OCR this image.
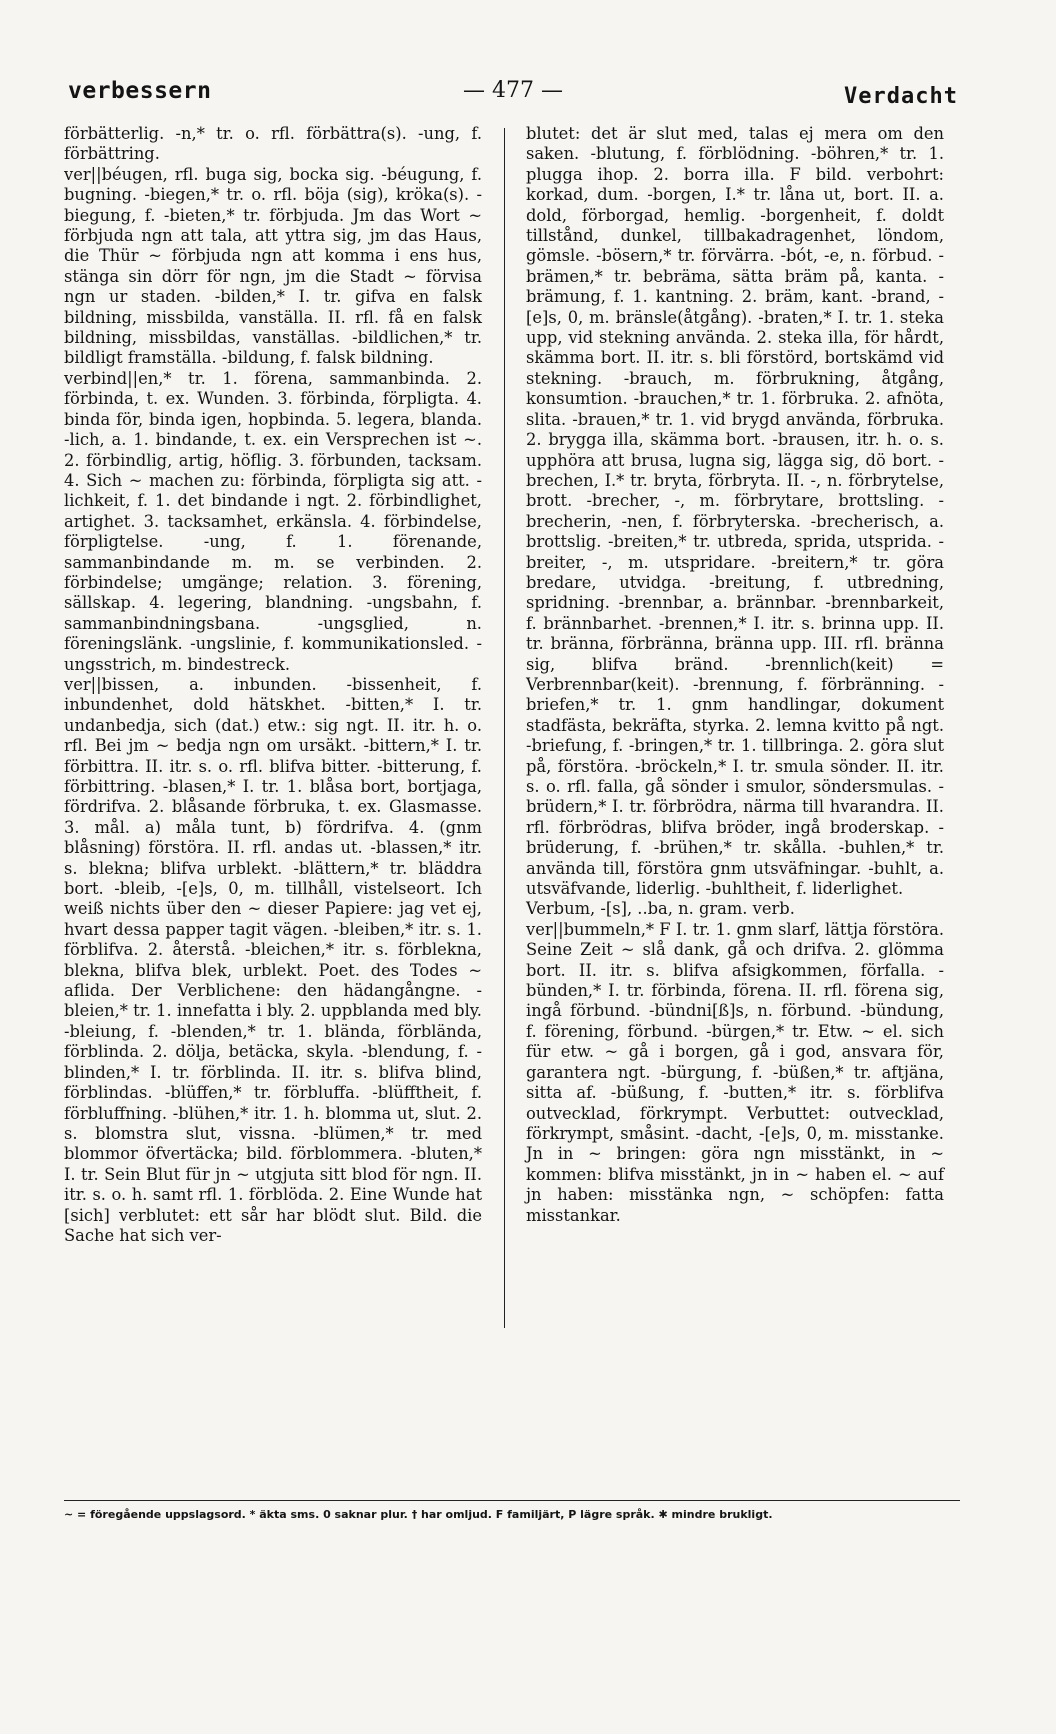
verbessern	— 477 —	Verdacht

förbätterlig. -n,* tr. o. rfl. förbättra(s). -ung, f. förbättring.

ver||béugen, rfl. buga sig, bocka sig. -béugung, f. bugning. -biegen,* tr. o. rfl. böja (sig), kröka(s). -biegung, f. -bieten,* tr. förbjuda. Jm das Wort ~ förbjuda ngn att tala, att yttra sig, jm das Haus, die Thür ~ förbjuda ngn att komma i ens hus, stänga sin dörr för ngn, jm die Stadt ~ förvisa ngn ur staden. -bilden,* I. tr. gifva en falsk bildning, missbilda, vanställa. II. rfl. få en falsk bildning, missbildas, vanställas. -bildlichen,* tr. bildligt framställa. -bildung, f. falsk bildning.

verbind||en,* tr. 1. förena, sammanbinda. 2. förbinda, t. ex. Wunden. 3. förbinda, förpligta. 4. binda för, binda igen, hopbinda. 5. legera, blanda. -lich, a. 1. bindande, t. ex. ein Versprechen ist ~. 2. förbindlig, artig, höflig. 3. förbunden, tacksam. 4. Sich ~ machen zu: förbinda, förpligta sig att. -lichkeit, f. 1. det bindande i ngt. 2. förbindlighet, artighet. 3. tacksamhet, erkänsla. 4. förbindelse, förpligtelse. -ung, f. 1. förenande, sammanbindande m. m. se verbinden. 2. förbindelse; umgänge; relation. 3. förening, sällskap. 4. legering, blandning. -ungsbahn, f. sammanbindningsbana. -ungsglied, n. föreningslänk. -ungslinie, f. kommunikationsled. -ungsstrich, m. bindestreck.

ver||bissen, a. inbunden. -bissenheit, f. inbundenhet, dold hätskhet. -bitten,* I. tr. undanbedja, sich (dat.) etw.: sig ngt. II. itr. h. o. rfl. Bei jm ~ bedja ngn om ursäkt. -bittern,* I. tr. förbittra. II. itr. s. o. rfl. blifva bitter. -bitterung, f. förbittring. -blasen,* I. tr. 1. blåsa bort, bortjaga, fördrifva. 2. blåsande förbruka, t. ex. Glasmasse. 3. mål. a) måla tunt, b) fördrifva. 4. (gnm blåsning) förstöra. II. rfl. andas ut. -blassen,* itr. s. blekna; blifva urblekt. -blättern,* tr. bläddra bort. -bleib, -[e]s, 0, m. tillhåll, vistelseort. Ich weiß nichts über den ~ dieser Papiere: jag vet ej, hvart dessa papper tagit vägen. -bleiben,* itr. s. 1. förblifva. 2. återstå. -bleichen,* itr. s. förblekna, blekna, blifva blek, urblekt. Poet. des Todes ~ aflida. Der Verblichene: den hädangångne. -bleien,* tr. 1. innefatta i bly. 2. uppblanda med bly. -bleiung, f. -blenden,* tr. 1. blända, förbländа, förblinda. 2. dölja, betäcka, skyla. -blendung, f. -blinden,* I. tr. förblinda. II. itr. s. blifva blind, förblindas. -blüffen,* tr. förbluffa. -blüfftheit, f. förbluffning. -blühen,* itr. 1. h. blomma ut, slut. 2. s. blomstra slut, vissna. -blümen,* tr. med blommor öfvertäcka; bild. förblommera. -bluten,* I. tr. Sein Blut für jn ~ utgjuta sitt blod för ngn. II. itr. s. o. h. samt rfl. 1. förblöda. 2. Eine Wunde hat [sich] verblutet: ett sår har blödt slut. Bild. die Sache hat sich ver-

blutet: det är slut med, talas ej mera om den saken. -blutung, f. förblödning. -böhren,* tr. 1. plugga ihop. 2. borra illa. F bild. verbohrt: korkad, dum. -borgen, I.* tr. låna ut, bort. II. a. dold, förborgad, hemlig. -borgenheit, f. doldt tillstånd, dunkel, tillbakadragenhet, löndom, gömsle. -bösern,* tr. förvärra. -bót, -e, n. förbud. -brämen,* tr. bebräma, sätta bräm på, kanta. -brämung, f. 1. kantning. 2. bräm, kant. -brand, -[e]s, 0, m. bränsle(åtgång). -braten,* I. tr. 1. steka upp, vid stekning använda. 2. steka illa, för hårdt, skämma bort. II. itr. s. bli förstörd, bortskämd vid stekning. -brauch, m. förbrukning, åtgång, konsumtion. -brauchen,* tr. 1. förbruka. 2. afnöta, slita. -brauen,* tr. 1. vid brygd använda, förbruka. 2. brygga illa, skämma bort. -brausen, itr. h. o. s. upphöra att brusa, lugna sig, lägga sig, dö bort. -brechen, I.* tr. bryta, förbryta. II. -, n. förbrytelse, brott. -brecher, -, m. förbrytare, brottsling. -brecherin, -nen, f. förbryterska. -brecherisch, a. brottslig. -breiten,* tr. utbreda, sprida, utsprida. -breiter, -, m. utspridare. -breitern,* tr. göra bredare, utvidga. -breitung, f. utbredning, spridning. -brennbar, a. brännbar. -brennbarkeit, f. brännbarhet. -brennen,* I. itr. s. brinna upp. II. tr. bränna, förbränna, bränna upp. III. rfl. bränna sig, blifva bränd. -brennlich(keit) = Verbrennbar(keit). -brennung, f. förbränning. -briefen,* tr. 1. gnm handlingar, dokument stadfästa, bekräfta, styrka. 2. lemna kvitto på ngt. -briefung, f. -bringen,* tr. 1. tillbringa. 2. göra slut på, förstöra. -bröckeln,* I. tr. smula sönder. II. itr. s. o. rfl. falla, gå sönder i smulor, söndersmulas. -brüdern,* I. tr. förbrödra, närma till hvarandra. II. rfl. förbrödras, blifva bröder, ingå broderskap. -brüderung, f. -brühen,* tr. skålla. -buhlen,* tr. använda till, förstöra gnm utsväfningar. -buhlt, a. utsväfvande, liderlig. -buhltheit, f. liderlighet.

Verbum, -[s], ..ba, n. gram. verb.

ver||bummeln,* F I. tr. 1. gnm slarf, lättja förstöra. Seine Zeit ~ slå dank, gå och drifva. 2. glömma bort. II. itr. s. blifva afsigkommen, förfalla. -bünden,* I. tr. förbinda, förena. II. rfl. förena sig, ingå förbund. -bündni[ß]s, n. förbund. -bündung, f. förening, förbund. -bürgen,* tr. Etw. ~ el. sich für etw. ~ gå i borgen, gå i god, ansvara för, garantera ngt. -bürgung, f. -büßen,* tr. aftjäna, sitta af. -büßung, f. -butten,* itr. s. förblifva outvecklad, förkrympt. Verbuttet: outvecklad, förkrympt, småsint. -dacht, -[e]s, 0, m. misstanke. Jn in ~ bringen: göra ngn misstänkt, in ~ kommen: blifva misstänkt, jn in ~ haben el. ~ auf jn haben: misstänka ngn, ~ schöpfen: fatta misstankar.

~ = föregående uppslagsord. * äkta sms. 0 saknar plur. † har omljud. F familjärt, P lägre språk. ✱ mindre brukligt.
